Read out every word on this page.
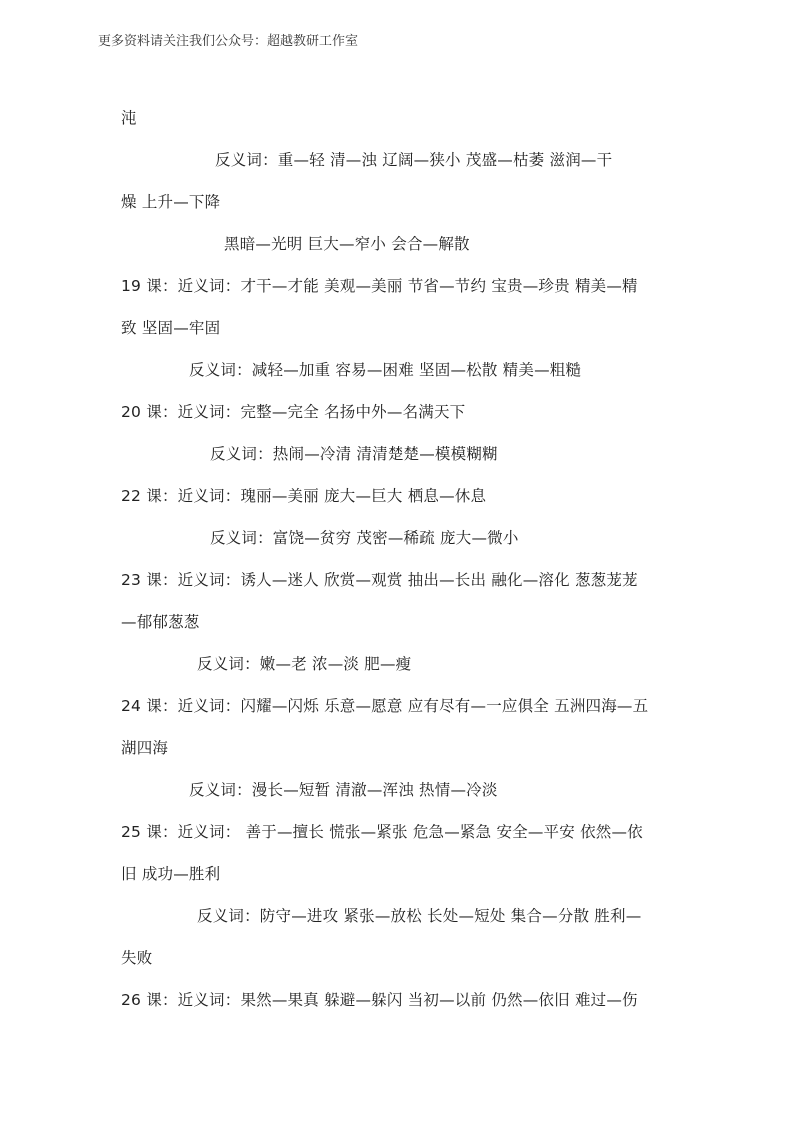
更多资料请关注我们公众号：超越教研工作室
沌
反义词：重—轻 清—浊 辽阔—狭小 茂盛—枯萎 滋润—干
燥 上升—下降
黑暗—光明 巨大—窄小 会合—解散
19 课：近义词：才干—才能 美观—美丽 节省—节约 宝贵—珍贵 精美—精
致 坚固—牢固
反义词：减轻—加重 容易—困难 坚固—松散 精美—粗糙
20 课：近义词：完整—完全 名扬中外—名满天下
反义词：热闹—冷清 清清楚楚—模模糊糊
22 课：近义词：瑰丽—美丽 庞大—巨大 栖息—休息
反义词：富饶—贫穷 茂密—稀疏 庞大—微小
23 课：近义词：诱人—迷人 欣赏—观赏 抽出—长出 融化—溶化 葱葱茏茏
—郁郁葱葱
反义词：嫩—老 浓—淡 肥—瘦
24 课：近义词：闪耀—闪烁 乐意—愿意 应有尽有—一应俱全 五洲四海—五
湖四海
反义词：漫长—短暂 清澈—浑浊 热情—冷淡
25 课：近义词： 善于—擅长 慌张—紧张 危急—紧急 安全—平安 依然—依
旧 成功—胜利
反义词：防守—进攻 紧张—放松 长处—短处 集合—分散 胜利—
失败
26 课：近义词：果然—果真 躲避—躲闪 当初—以前 仍然—依旧 难过—伤
